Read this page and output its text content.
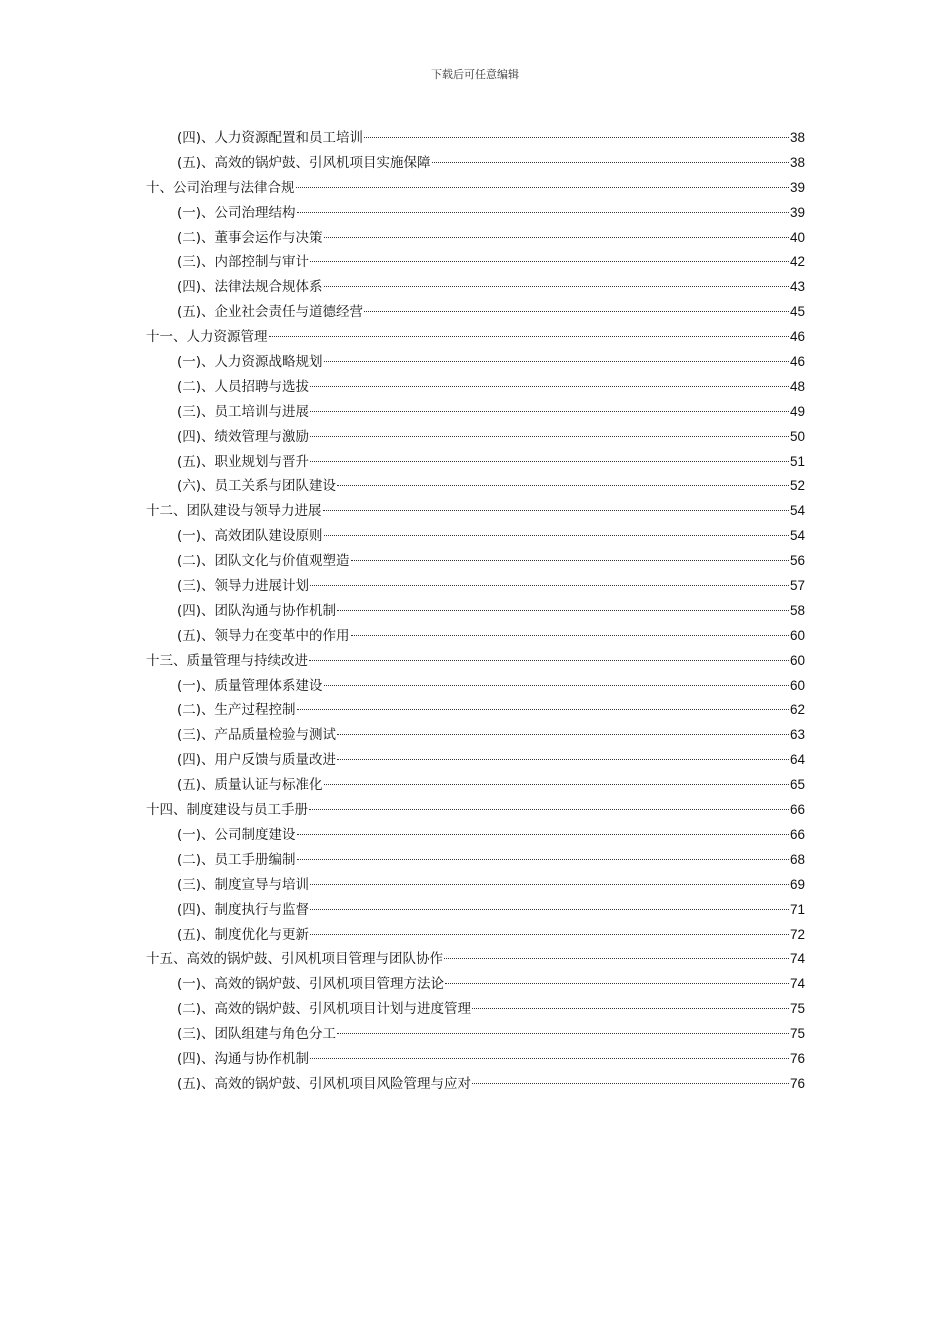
下载后可任意编辑
(四)、人力资源配置和员工培训	38
(五)、高效的锅炉鼓、引风机项目实施保障	38
十、公司治理与法律合规	39
(一)、公司治理结构	39
(二)、董事会运作与决策	40
(三)、内部控制与审计	42
(四)、法律法规合规体系	43
(五)、企业社会责任与道德经营	45
十一、人力资源管理	46
(一)、人力资源战略规划	46
(二)、人员招聘与选拔	48
(三)、员工培训与进展	49
(四)、绩效管理与激励	50
(五)、职业规划与晋升	51
(六)、员工关系与团队建设	52
十二、团队建设与领导力进展	54
(一)、高效团队建设原则	54
(二)、团队文化与价值观塑造	56
(三)、领导力进展计划	57
(四)、团队沟通与协作机制	58
(五)、领导力在变革中的作用	60
十三、质量管理与持续改进	60
(一)、质量管理体系建设	60
(二)、生产过程控制	62
(三)、产品质量检验与测试	63
(四)、用户反馈与质量改进	64
(五)、质量认证与标准化	65
十四、制度建设与员工手册	66
(一)、公司制度建设	66
(二)、员工手册编制	68
(三)、制度宣导与培训	69
(四)、制度执行与监督	71
(五)、制度优化与更新	72
十五、高效的锅炉鼓、引风机项目管理与团队协作	74
(一)、高效的锅炉鼓、引风机项目管理方法论	74
(二)、高效的锅炉鼓、引风机项目计划与进度管理	75
(三)、团队组建与角色分工	75
(四)、沟通与协作机制	76
(五)、高效的锅炉鼓、引风机项目风险管理与应对	76
